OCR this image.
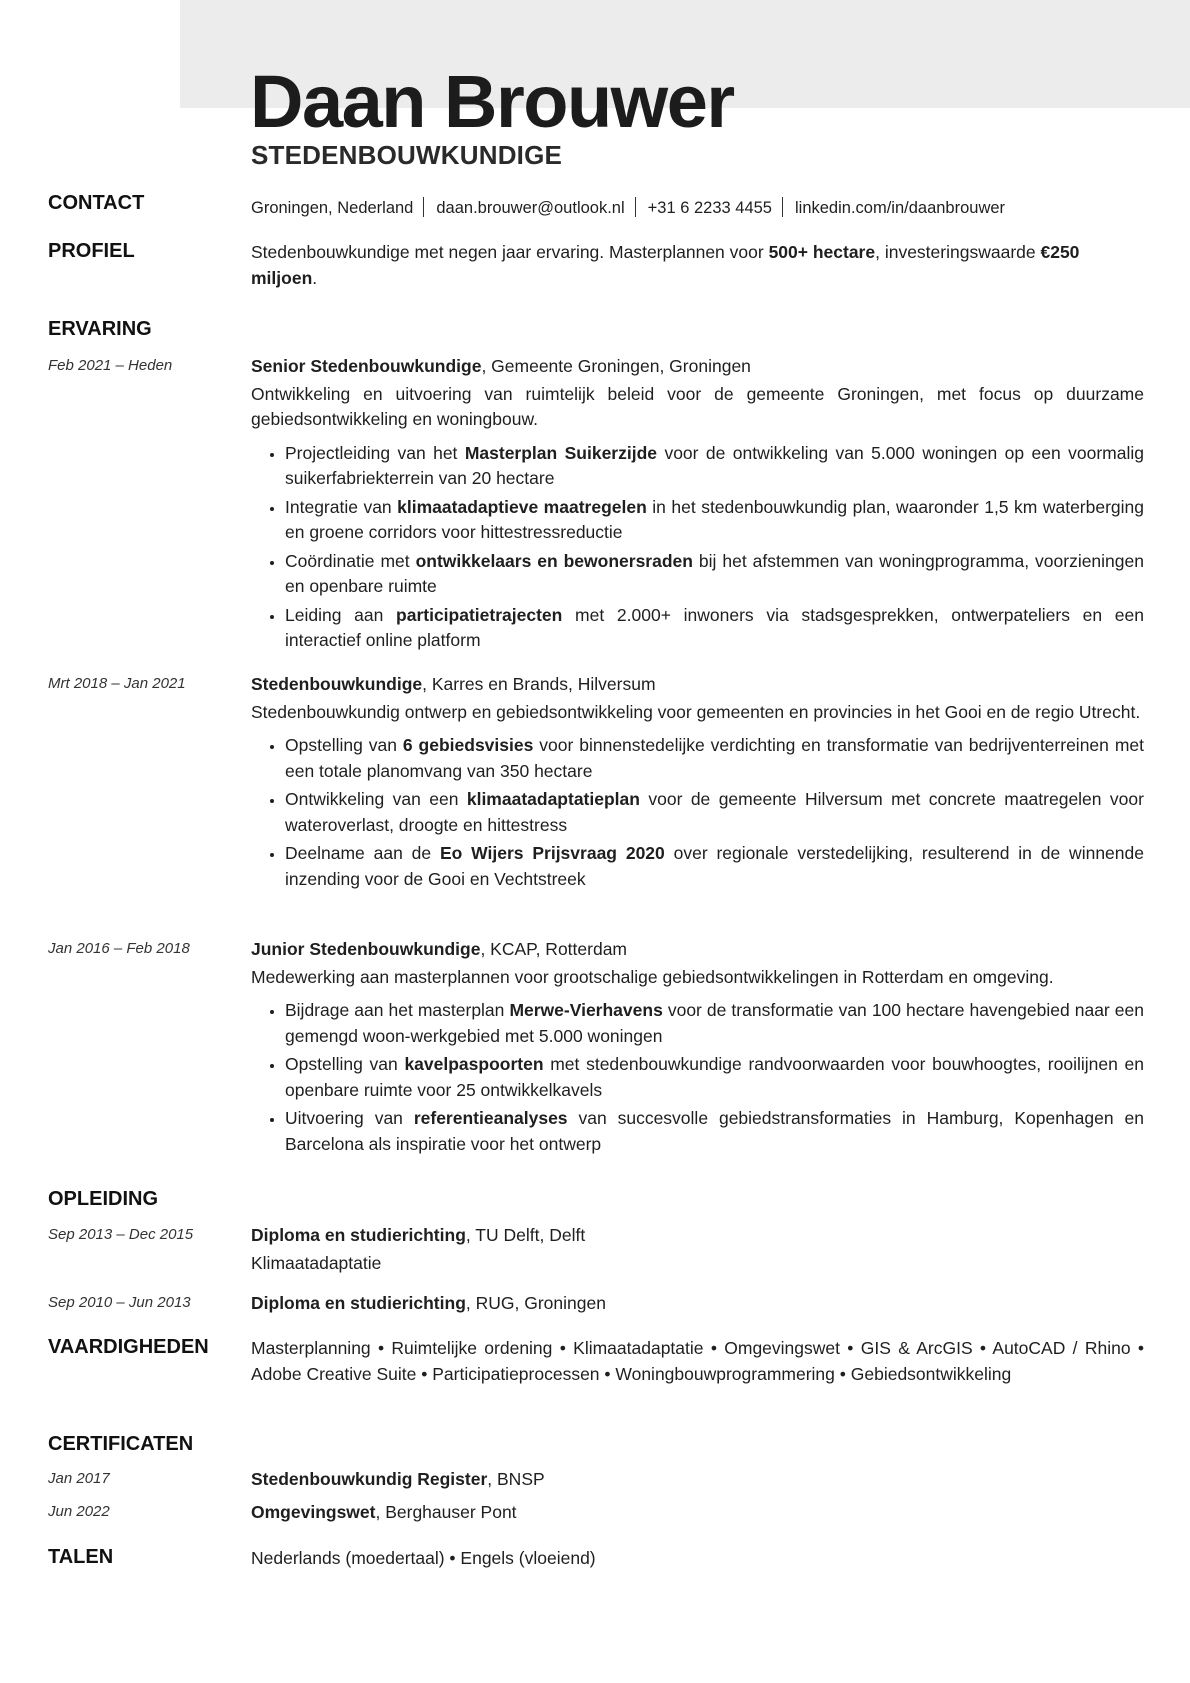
Daan Brouwer
STEDENBOUWKUNDIGE
CONTACT	Groningen, Nederland daan.brouwer@outlook.nl +31 6 2233 4455 linkedin.com/in/daanbrouwer
PROFIEL	Stedenbouwkundige met negen jaar ervaring. Masterplannen voor 500+ hectare, investeringswaarde €250 miljoen.
ERVARING
Feb 2021 – Heden	Senior Stedenbouwkundige, Gemeente Groningen, Groningen
Ontwikkeling en uitvoering van ruimtelijk beleid voor de gemeente Groningen, met focus op duurzame gebiedsontwikkeling en woningbouw.
• Projectleiding van het Masterplan Suikerzijde voor de ontwikkeling van 5.000 woningen op een voormalig suikerfabriekterrein van 20 hectare
• Integratie van klimaatadaptieve maatregelen in het stedenbouwkundig plan, waaronder 1,5 km waterberging en groene corridors voor hittestressreductie
• Coördinatie met ontwikkelaars en bewonersraden bij het afstemmen van woningprogramma, voorzieningen en openbare ruimte
• Leiding aan participatietrajecten met 2.000+ inwoners via stadsgesprekken, ontwerpateliers en een interactief online platform
Mrt 2018 – Jan 2021	Stedenbouwkundige, Karres en Brands, Hilversum
Stedenbouwkundig ontwerp en gebiedsontwikkeling voor gemeenten en provincies in het Gooi en de regio Utrecht.
• Opstelling van 6 gebiedsvisies voor binnenstedelijke verdichting en transformatie van bedrijventerreinen met een totale planomvang van 350 hectare
• Ontwikkeling van een klimaatadaptatieplan voor de gemeente Hilversum met concrete maatregelen voor wateroverlast, droogte en hittestress
• Deelname aan de Eo Wijers Prijsvraag 2020 over regionale verstedelijking, resulterend in de winnende inzending voor de Gooi en Vechtstreek
Jan 2016 – Feb 2018	Junior Stedenbouwkundige, KCAP, Rotterdam
Medewerking aan masterplannen voor grootschalige gebiedsontwikkelingen in Rotterdam en omgeving.
• Bijdrage aan het masterplan Merwe-Vierhavens voor de transformatie van 100 hectare havengebied naar een gemengd woon-werkgebied met 5.000 woningen
• Opstelling van kavelpaspoorten met stedenbouwkundige randvoorwaarden voor bouwhoogtes, rooilijnen en openbare ruimte voor 25 ontwikkelkavels
• Uitvoering van referentieanalyses van succesvolle gebiedstransformaties in Hamburg, Kopenhagen en Barcelona als inspiratie voor het ontwerp
OPLEIDING
Sep 2013 – Dec 2015	Diploma en studierichting, TU Delft, Delft
Klimaatadaptatie
Sep 2010 – Jun 2013	Diploma en studierichting, RUG, Groningen
VAARDIGHEDEN Masterplanning • Ruimtelijke ordening • Klimaatadaptatie • Omgevingswet • GIS & ArcGIS • AutoCAD / Rhino • Adobe Creative Suite • Participatieprocessen • Woningbouwprogrammering • Gebiedsontwikkeling
CERTIFICATEN
Jan 2017	Stedenbouwkundig Register, BNSP
Jun 2022	Omgevingswet, Berghauser Pont
TALEN	Nederlands (moedertaal) • Engels (vloeiend)
